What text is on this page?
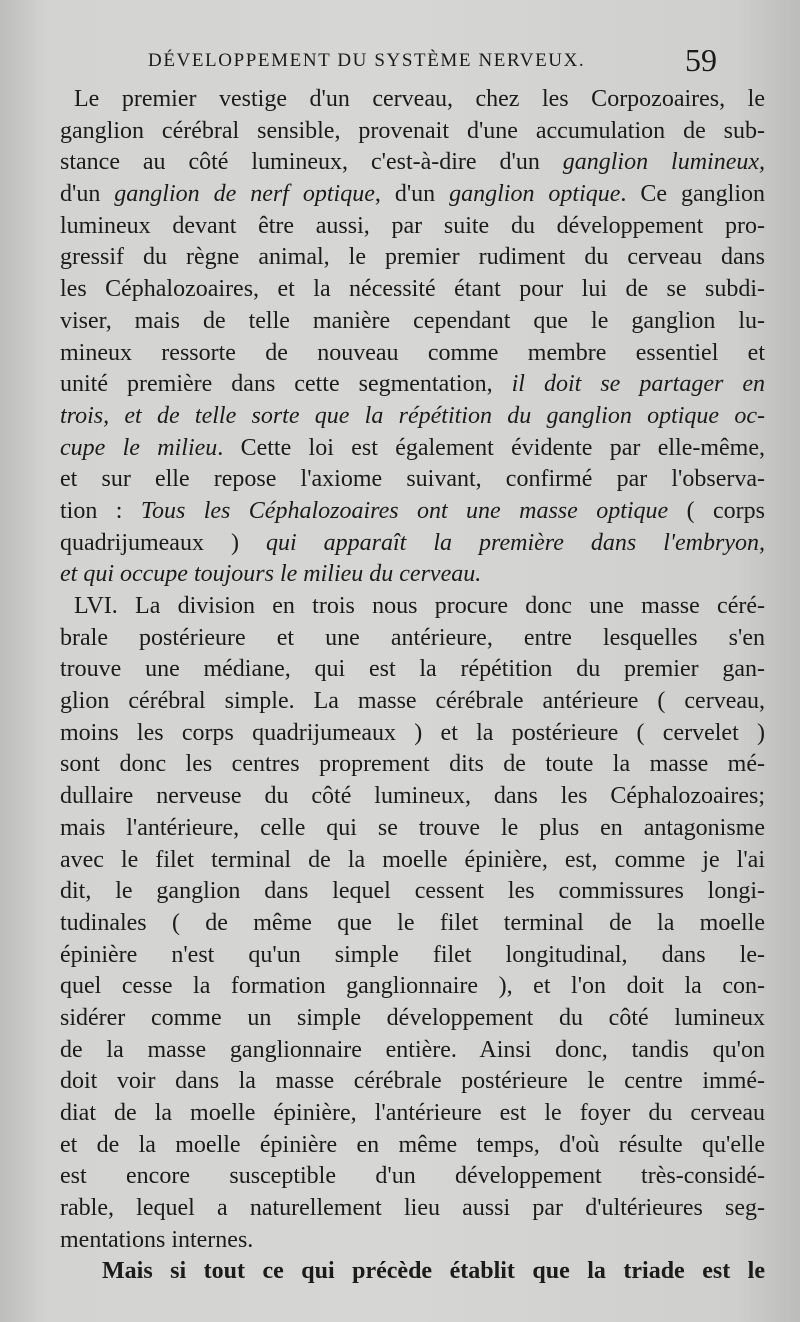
DÉVELOPPEMENT DU SYSTÈME NERVEUX.	59
Le premier vestige d'un cerveau, chez les Corpozoaires, le
ganglion cérébral sensible, provenait d'une accumulation de sub-
stance au côté lumineux, c'est-à-dire d'un ganglion lumineux,
d'un ganglion de nerf optique, d'un ganglion optique. Ce ganglion
lumineux devant être aussi, par suite du développement pro-
gressif du règne animal, le premier rudiment du cerveau dans
les Céphalozoaires, et la nécessité étant pour lui de se subdi-
viser, mais de telle manière cependant que le ganglion lu-
mineux ressorte de nouveau comme membre essentiel et
unité première dans cette segmentation, il doit se partager en
trois, et de telle sorte que la répétition du ganglion optique oc-
cupe le milieu. Cette loi est également évidente par elle-même,
et sur elle repose l'axiome suivant, confirmé par l'observa-
tion : Tous les Céphalozoaires ont une masse optique ( corps
quadrijumeaux ) qui apparaît la première dans l'embryon,
et qui occupe toujours le milieu du cerveau.
LVI. La division en trois nous procure donc une masse céré-
brale postérieure et une antérieure, entre lesquelles s'en
trouve une médiane, qui est la répétition du premier gan-
glion cérébral simple. La masse cérébrale antérieure ( cerveau,
moins les corps quadrijumeaux ) et la postérieure ( cervelet )
sont donc les centres proprement dits de toute la masse mé-
dullaire nerveuse du côté lumineux, dans les Céphalozoaires;
mais l'antérieure, celle qui se trouve le plus en antagonisme
avec le filet terminal de la moelle épinière, est, comme je l'ai
dit, le ganglion dans lequel cessent les commissures longi-
tudinales ( de même que le filet terminal de la moelle
épinière n'est qu'un simple filet longitudinal, dans le-
quel cesse la formation ganglionnaire ), et l'on doit la con-
sidérer comme un simple développement du côté lumineux
de la masse ganglionnaire entière. Ainsi donc, tandis qu'on
doit voir dans la masse cérébrale postérieure le centre immé-
diat de la moelle épinière, l'antérieure est le foyer du cerveau
et de la moelle épinière en même temps, d'où résulte qu'elle
est encore susceptible d'un développement très-considé-
rable, lequel a naturellement lieu aussi par d'ultérieures seg-
mentations internes.
Mais si tout ce qui précède établit que la triade est le
